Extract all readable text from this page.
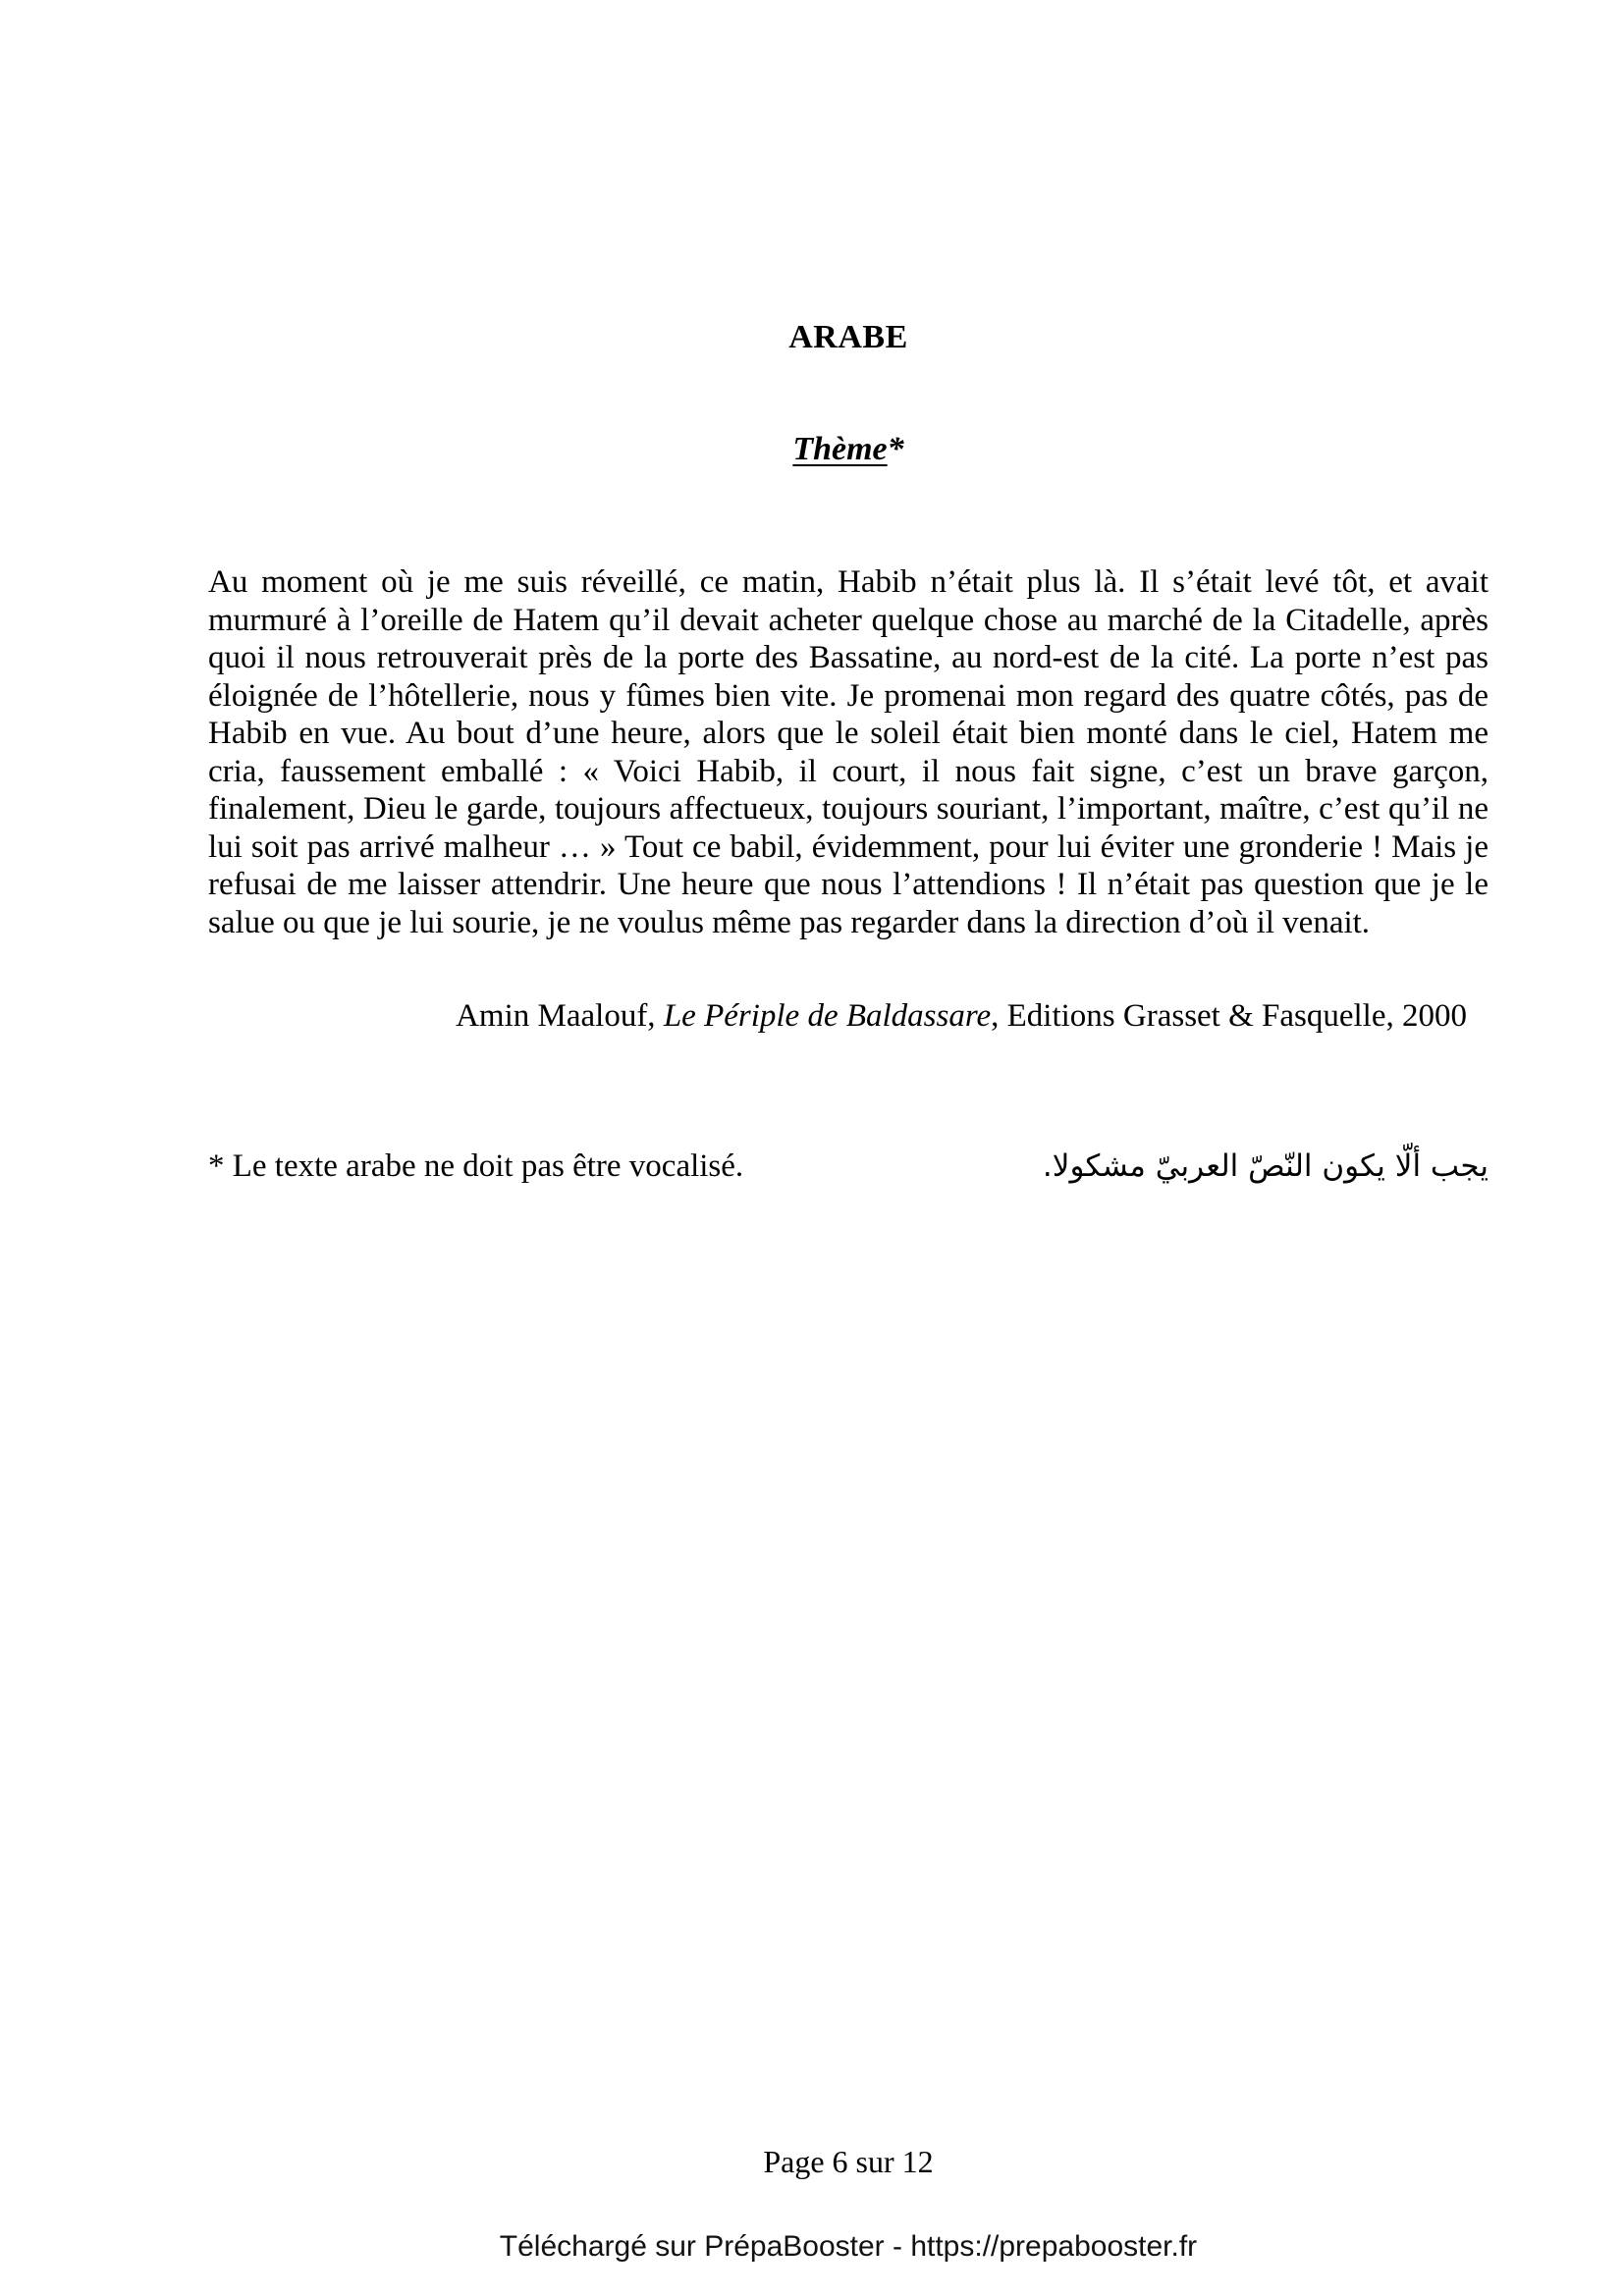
ARABE
Thème*

Au moment où je me suis réveillé, ce matin, Habib n’était plus là. Il s’était levé tôt, et avait murmuré à l’oreille de Hatem qu’il devait acheter quelque chose au marché de la Citadelle, après quoi il nous retrouverait près de la porte des Bassatine, au nord-est de la cité. La porte n’est pas éloignée de l’hôtellerie, nous y fûmes bien vite. Je promenai mon regard des quatre côtés, pas de Habib en vue. Au bout d’une heure, alors que le soleil était bien monté dans le ciel, Hatem me cria, faussement emballé : « Voici Habib, il court, il nous fait signe, c’est un brave garçon, finalement, Dieu le garde, toujours affectueux, toujours souriant, l’important, maître, c’est qu’il ne lui soit pas arrivé malheur … » Tout ce babil, évidemment, pour lui éviter une gronderie ! Mais je refusai de me laisser attendrir. Une heure que nous l’attendions ! Il n’était pas question que je le salue ou que je lui sourie, je ne voulus même pas regarder dans la direction d’où il venait.

Amin Maalouf, Le Périple de Baldassare, Editions Grasset & Fasquelle, 2000

* Le texte arabe ne doit pas être vocalisé.	يجب ألّا يكون النّصّ العربيّ مشكولا.
Page 6 sur 12
Téléchargé sur PrépaBooster - https://prepabooster.fr
